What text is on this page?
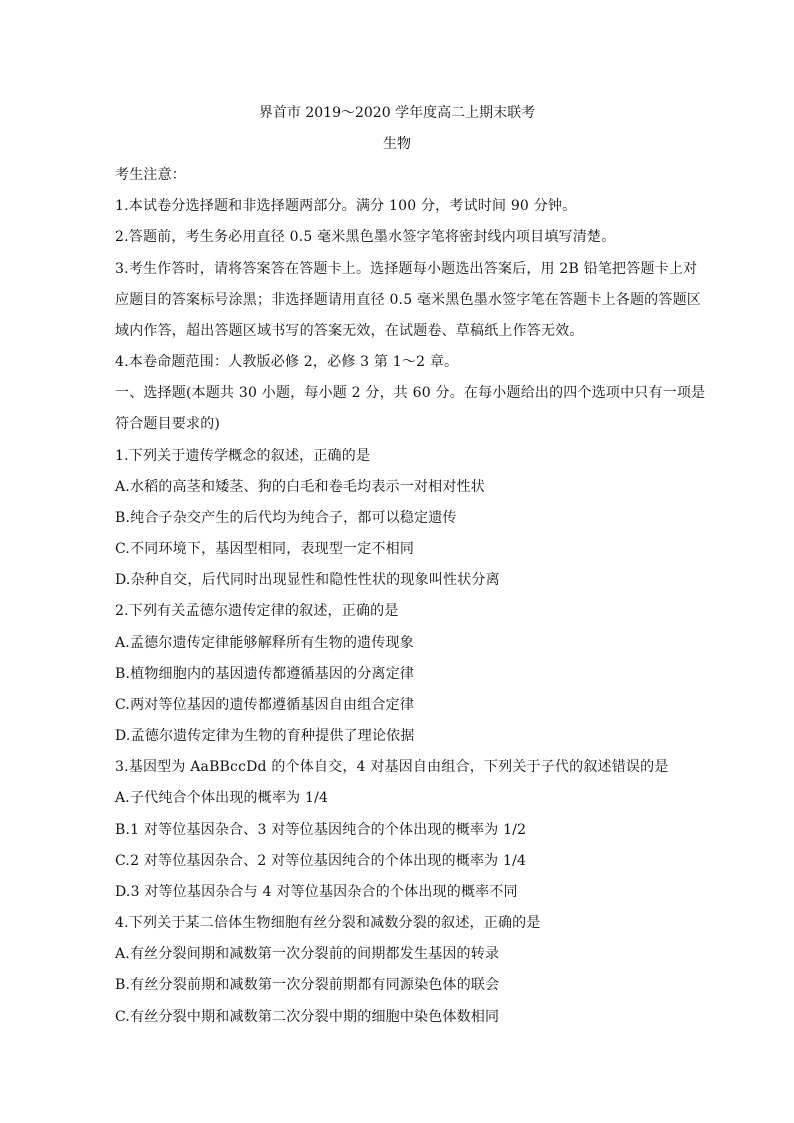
界首市 2019～2020 学年度高二上期末联考
生物
考生注意：
1.本试卷分选择题和非选择题两部分。满分 100 分，考试时间 90 分钟。
2.答题前，考生务必用直径 0.5 毫米黑色墨水签字笔将密封线内项目填写清楚。
3.考生作答时，请将答案答在答题卡上。选择题每小题选出答案后，用 2B 铅笔把答题卡上对
应题目的答案标号涂黑；非选择题请用直径 0.5 毫米黑色墨水签字笔在答题卡上各题的答题区
域内作答，超出答题区域书写的答案无效，在试题卷、草稿纸上作答无效。
4.本卷命题范围：人教版必修 2，必修 3 第 1～2 章。
一、选择题(本题共 30 小题，每小题 2 分，共 60 分。在每小题给出的四个选项中只有一项是
符合题目要求的)
1.下列关于遗传学概念的叙述，正确的是
A.水稻的高茎和矮茎、狗的白毛和卷毛均表示一对相对性状
B.纯合子杂交产生的后代均为纯合子，都可以稳定遗传
C.不同环境下，基因型相同，表现型一定不相同
D.杂种自交，后代同时出现显性和隐性性状的现象叫性状分离
2.下列有关孟德尔遗传定律的叙述，正确的是
A.孟德尔遗传定律能够解释所有生物的遗传现象
B.植物细胞内的基因遗传都遵循基因的分离定律
C.两对等位基因的遗传都遵循基因自由组合定律
D.孟德尔遗传定律为生物的育种提供了理论依据
3.基因型为 AaBBccDd 的个体自交，4 对基因自由组合，下列关于子代的叙述错误的是
A.子代纯合个体出现的概率为 1/4
B.1 对等位基因杂合、3 对等位基因纯合的个体出现的概率为 1/2
C.2 对等位基因杂合、2 对等位基因纯合的个体出现的概率为 1/4
D.3 对等位基因杂合与 4 对等位基因杂合的个体出现的概率不同
4.下列关于某二倍体生物细胞有丝分裂和减数分裂的叙述，正确的是
A.有丝分裂间期和减数第一次分裂前的间期都发生基因的转录
B.有丝分裂前期和减数第一次分裂前期都有同源染色体的联会
C.有丝分裂中期和减数第二次分裂中期的细胞中染色体数相同
